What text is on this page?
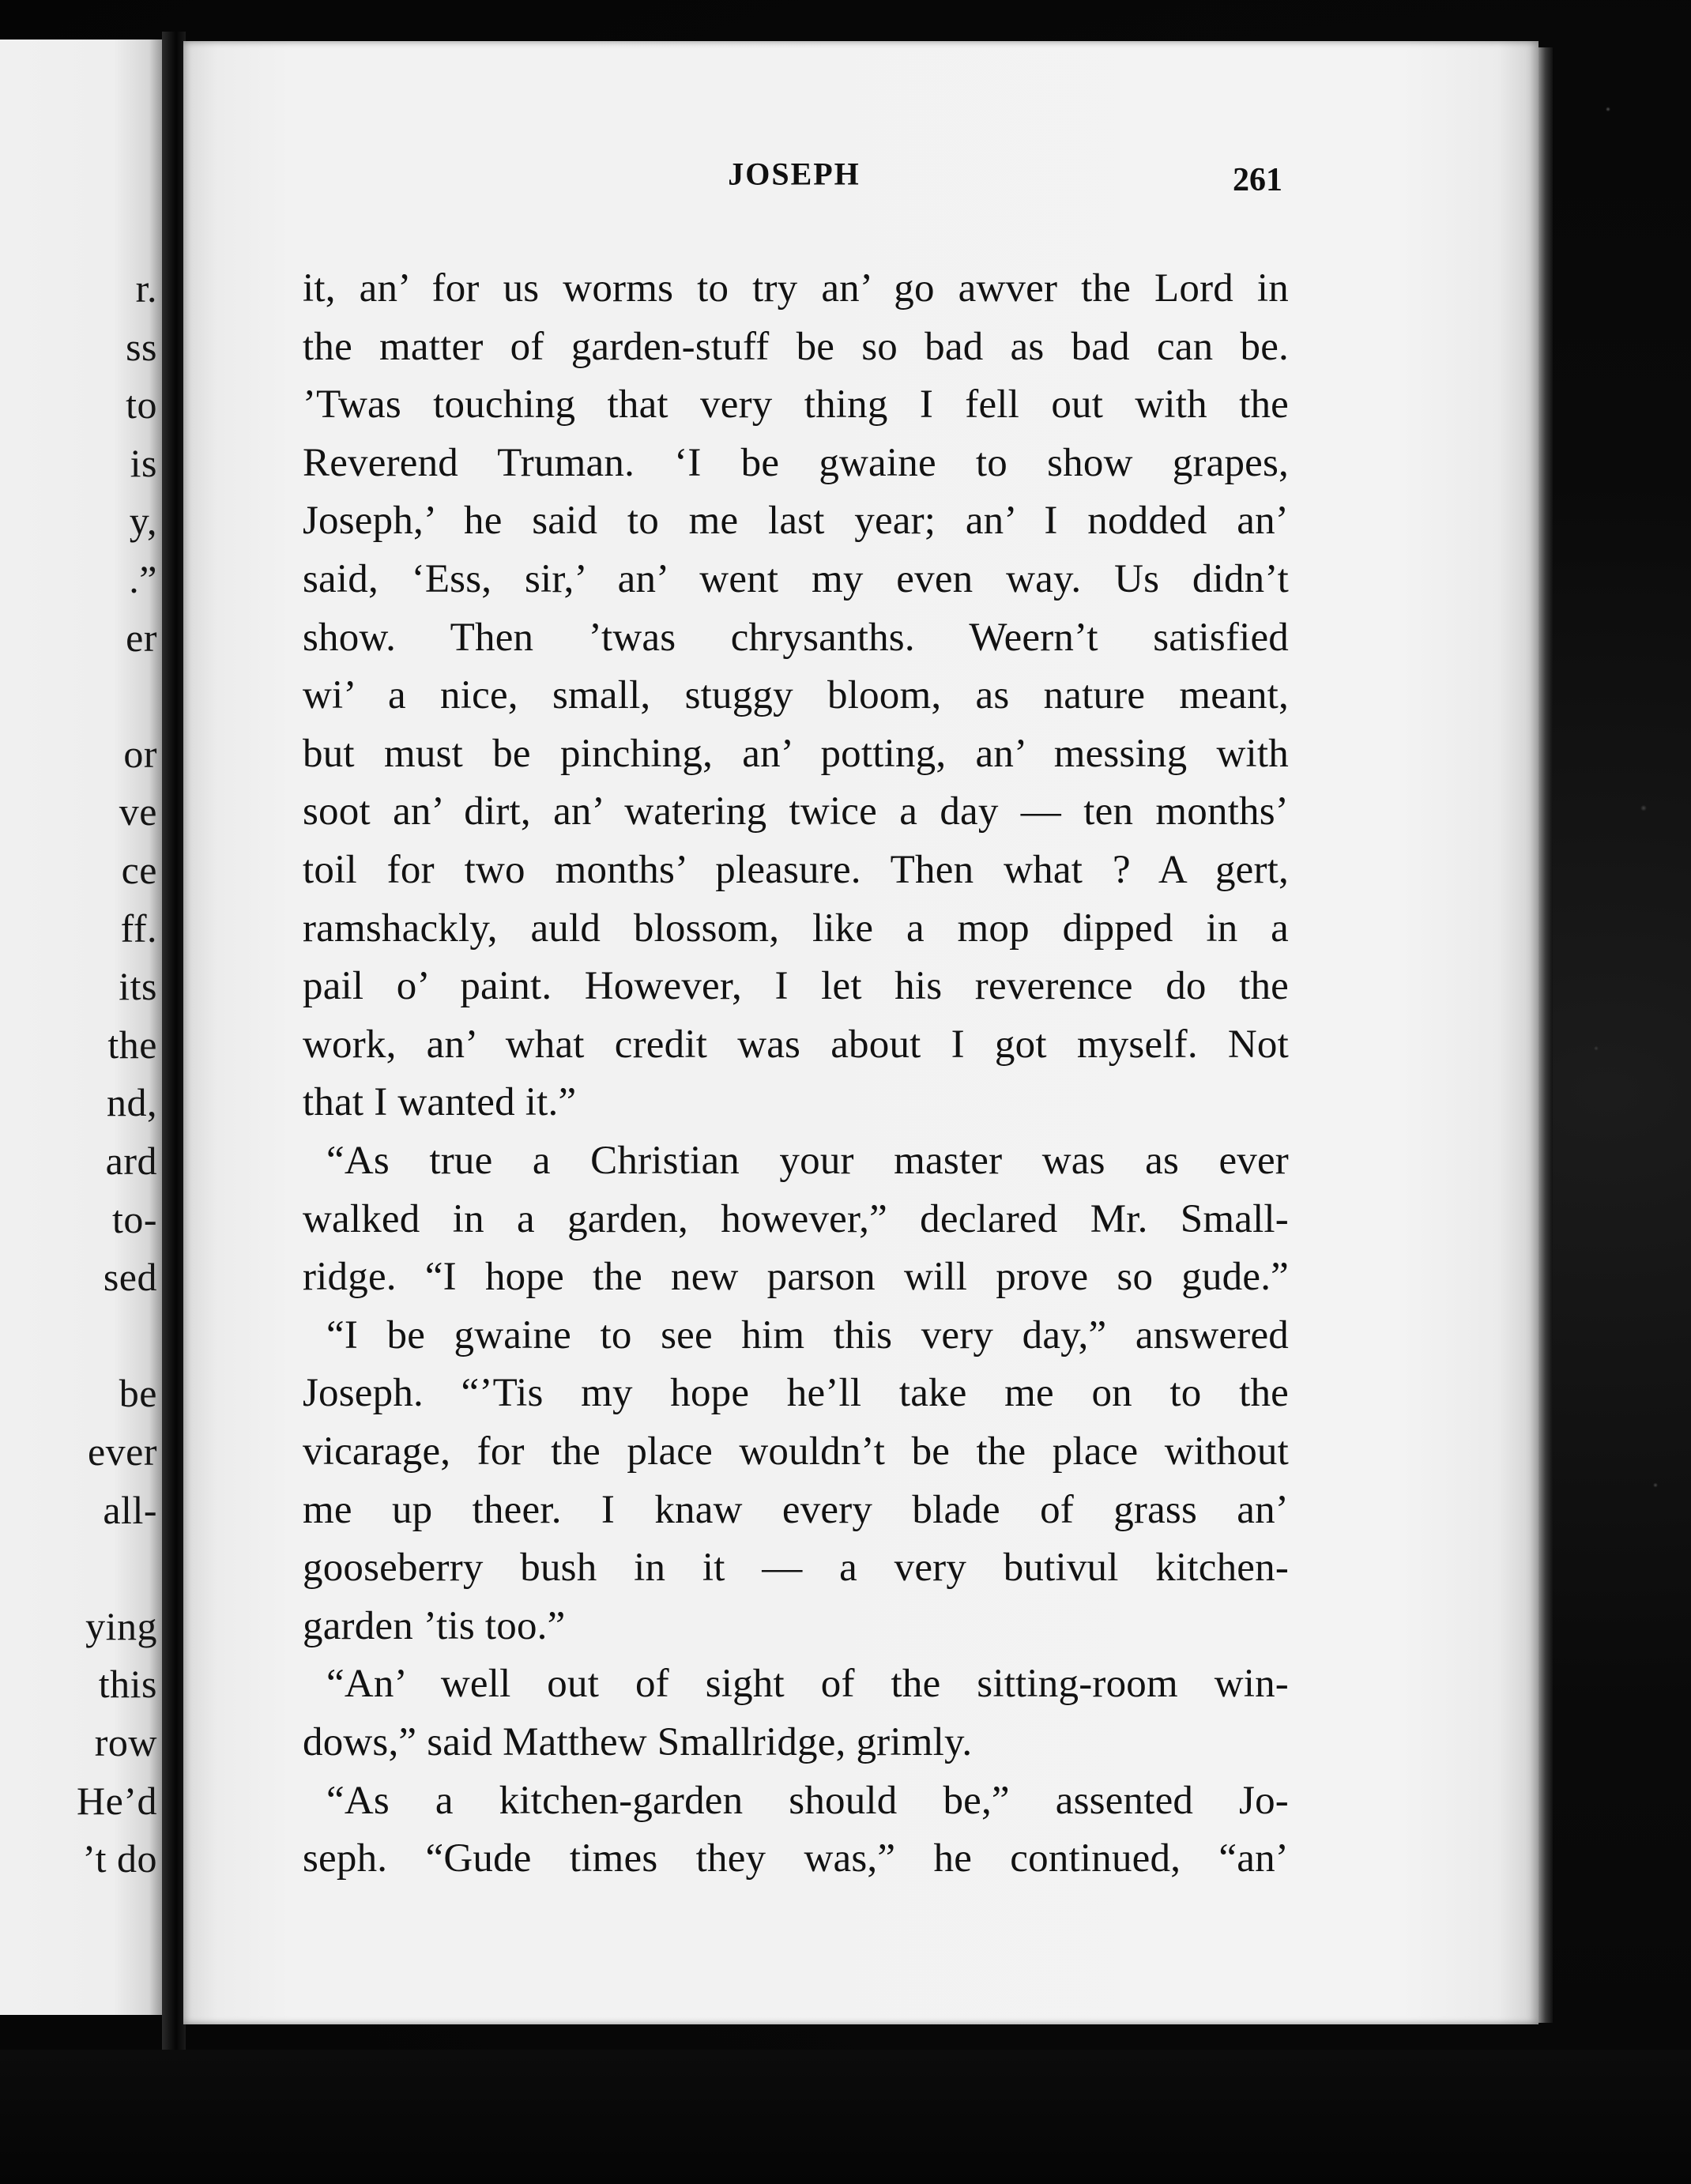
r.
ss
to
is
y,
.”
er
or
ve
ce
ff.
its
the
nd,
ard
to-
sed
be
ever
all-
ying
this
row
He’d
’t do
JOSEPH	261
it, an’ for us worms to try an’ go awver the Lord in
the matter of garden-stuff be so bad as bad can be.
’Twas touching that very thing I fell out with the
Reverend Truman. ‘I be gwaine to show grapes,
Joseph,’ he said to me last year; an’ I nodded an’
said, ‘Ess, sir,’ an’ went my even way. Us didn’t
show. Then ’twas chrysanths. Weern’t satisfied
wi’ a nice, small, stuggy bloom, as nature meant,
but must be pinching, an’ potting, an’ messing with
soot an’ dirt, an’ watering twice a day — ten months’
toil for two months’ pleasure. Then what ? A gert,
ramshackly, auld blossom, like a mop dipped in a
pail o’ paint. However, I let his reverence do the
work, an’ what credit was about I got myself. Not
that I wanted it.”
“As true a Christian your master was as ever
walked in a garden, however,” declared Mr. Small-
ridge. “I hope the new parson will prove so gude.”
“I be gwaine to see him this very day,” answered
Joseph. “’Tis my hope he’ll take me on to the
vicarage, for the place wouldn’t be the place without
me up theer. I knaw every blade of grass an’
gooseberry bush in it — a very butivul kitchen-
garden ’tis too.”
“An’ well out of sight of the sitting-room win-
dows,” said Matthew Smallridge, grimly.
“As a kitchen-garden should be,” assented Jo-
seph. “Gude times they was,” he continued, “an’
